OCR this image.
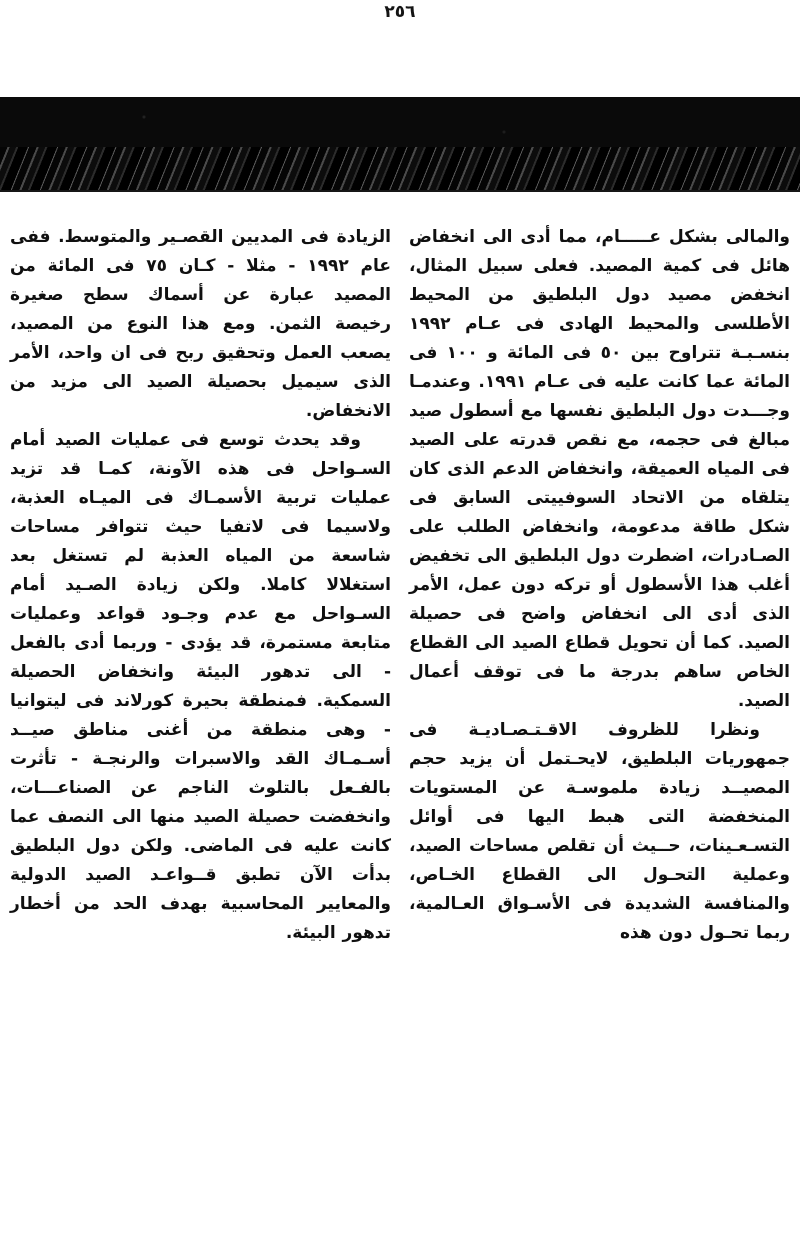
٢٥٦

والمالى بشكل عـــــام، مما أدى الى انخفاض هائل فى كمية المصيد. فعلى سبيل المثال، انخفض مصيد دول البلطيق من المحيط الأطلسى والمحيط الهادى فى عـام ١٩٩٢ بنسـبـة تتراوح بين ٥٠ فى المائة و ١٠٠ فى المائة عما كانت عليه فى عـام ١٩٩١. وعندمـا وجـــدت دول البلطيق نفسها مع أسطول صيد مبالغ فى حجمه، مع نقص قدرته على الصيد فى المياه العميقة، وانخفاض الدعم الذى كان يتلقاه من الاتحاد السوفييتى السابق فى شكل طاقة مدعومة، وانخفاض الطلب على الصـادرات، اضطرت دول البلطيق الى تخفيض أغلب هذا الأسطول أو تركه دون عمل، الأمر الذى أدى الى انخفاض واضح فى حصيلة الصيد. كما أن تحويل قطاع الصيد الى القطاع الخاص ساهم بدرجة ما فى توقف أعمال الصيد.

ونظرا للظروف الاقـتـصـاديـة فى جمهوريات البلطيق، لايحـتمل أن يزيد حجم المصيــد زيادة ملموسـة عن المستويات المنخفضة التى هبط اليها فى أوائل التسـعـينات، حــيث أن تقلص مساحات الصيد، وعملية التحـول الى القطاع الخـاص، والمنافسة الشديدة فى الأسـواق العـالمية، ربما تحـول دون هذه

الزيادة فى المديين القصـير والمتوسط. ففى عام ١٩٩٢ - مثلا - كـان ٧٥ فى المائة من المصيد عبارة عن أسماك سطح صغيرة رخيصة الثمن. ومع هذا النوع من المصيد، يصعب العمل وتحقيق ربح فى ان واحد، الأمر الذى سيميل بحصيلة الصيد الى مزيد من الانخفاض.

وقد يحدث توسع فى عمليات الصيد أمام السـواحل فى هذه الآونة، كمـا قد تزيد عمليات تربية الأسمـاك فى الميـاه العذبة، ولاسيما فى لاتفيا حيث تتوافر مساحات شاسعة من المياه العذبة لم تستغل بعد استغلالا كاملا. ولكن زيادة الصـيد أمام السـواحل مع عدم وجـود قواعد وعمليات متابعة مستمرة، قد يؤدى - وربما أدى بالفعل - الى تدهور البيئة وانخفاض الحصيلة السمكية. فمنطقة بحيرة كورلاند فى ليتوانيا - وهى منطقة من أغنى مناطق صيــد أسـمـاك القد والاسبرات والرنجـة - تأثرت بالفـعل بالتلوث الناجم عن الصناعـــات، وانخفضت حصيلة الصيد منها الى النصف عما كانت عليه فى الماضى. ولكن دول البلطيق بدأت الآن تطبق قــواعـد الصيد الدولية والمعايير المحاسبية بهدف الحد من أخطار تدهور البيئة.
